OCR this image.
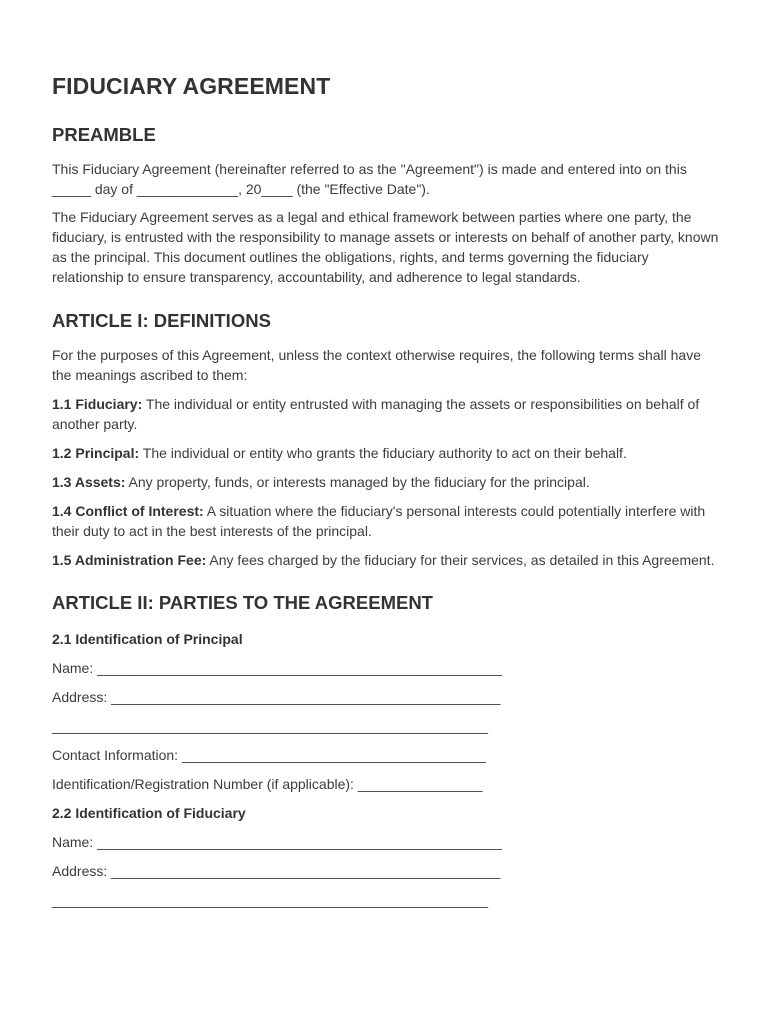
FIDUCIARY AGREEMENT
PREAMBLE

This Fiduciary Agreement (hereinafter referred to as the "Agreement") is made and entered into on this _____ day of _____________, 20____ (the "Effective Date").

The Fiduciary Agreement serves as a legal and ethical framework between parties where one party, the fiduciary, is entrusted with the responsibility to manage assets or interests on behalf of another party, known as the principal. This document outlines the obligations, rights, and terms governing the fiduciary relationship to ensure transparency, accountability, and adherence to legal standards.

ARTICLE I: DEFINITIONS

For the purposes of this Agreement, unless the context otherwise requires, the following terms shall have the meanings ascribed to them:

1.1 Fiduciary: The individual or entity entrusted with managing the assets or responsibilities on behalf of another party.

1.2 Principal: The individual or entity who grants the fiduciary authority to act on their behalf.

1.3 Assets: Any property, funds, or interests managed by the fiduciary for the principal.

1.4 Conflict of Interest: A situation where the fiduciary's personal interests could potentially interfere with their duty to act in the best interests of the principal.

1.5 Administration Fee: Any fees charged by the fiduciary for their services, as detailed in this Agreement.

ARTICLE II: PARTIES TO THE AGREEMENT
2.1 Identification of Principal

Name: ____________________________________________________

Address: __________________________________________________

________________________________________________________

Contact Information: _______________________________________

Identification/Registration Number (if applicable): ________________

2.2 Identification of Fiduciary

Name: ____________________________________________________

Address: __________________________________________________

________________________________________________________
